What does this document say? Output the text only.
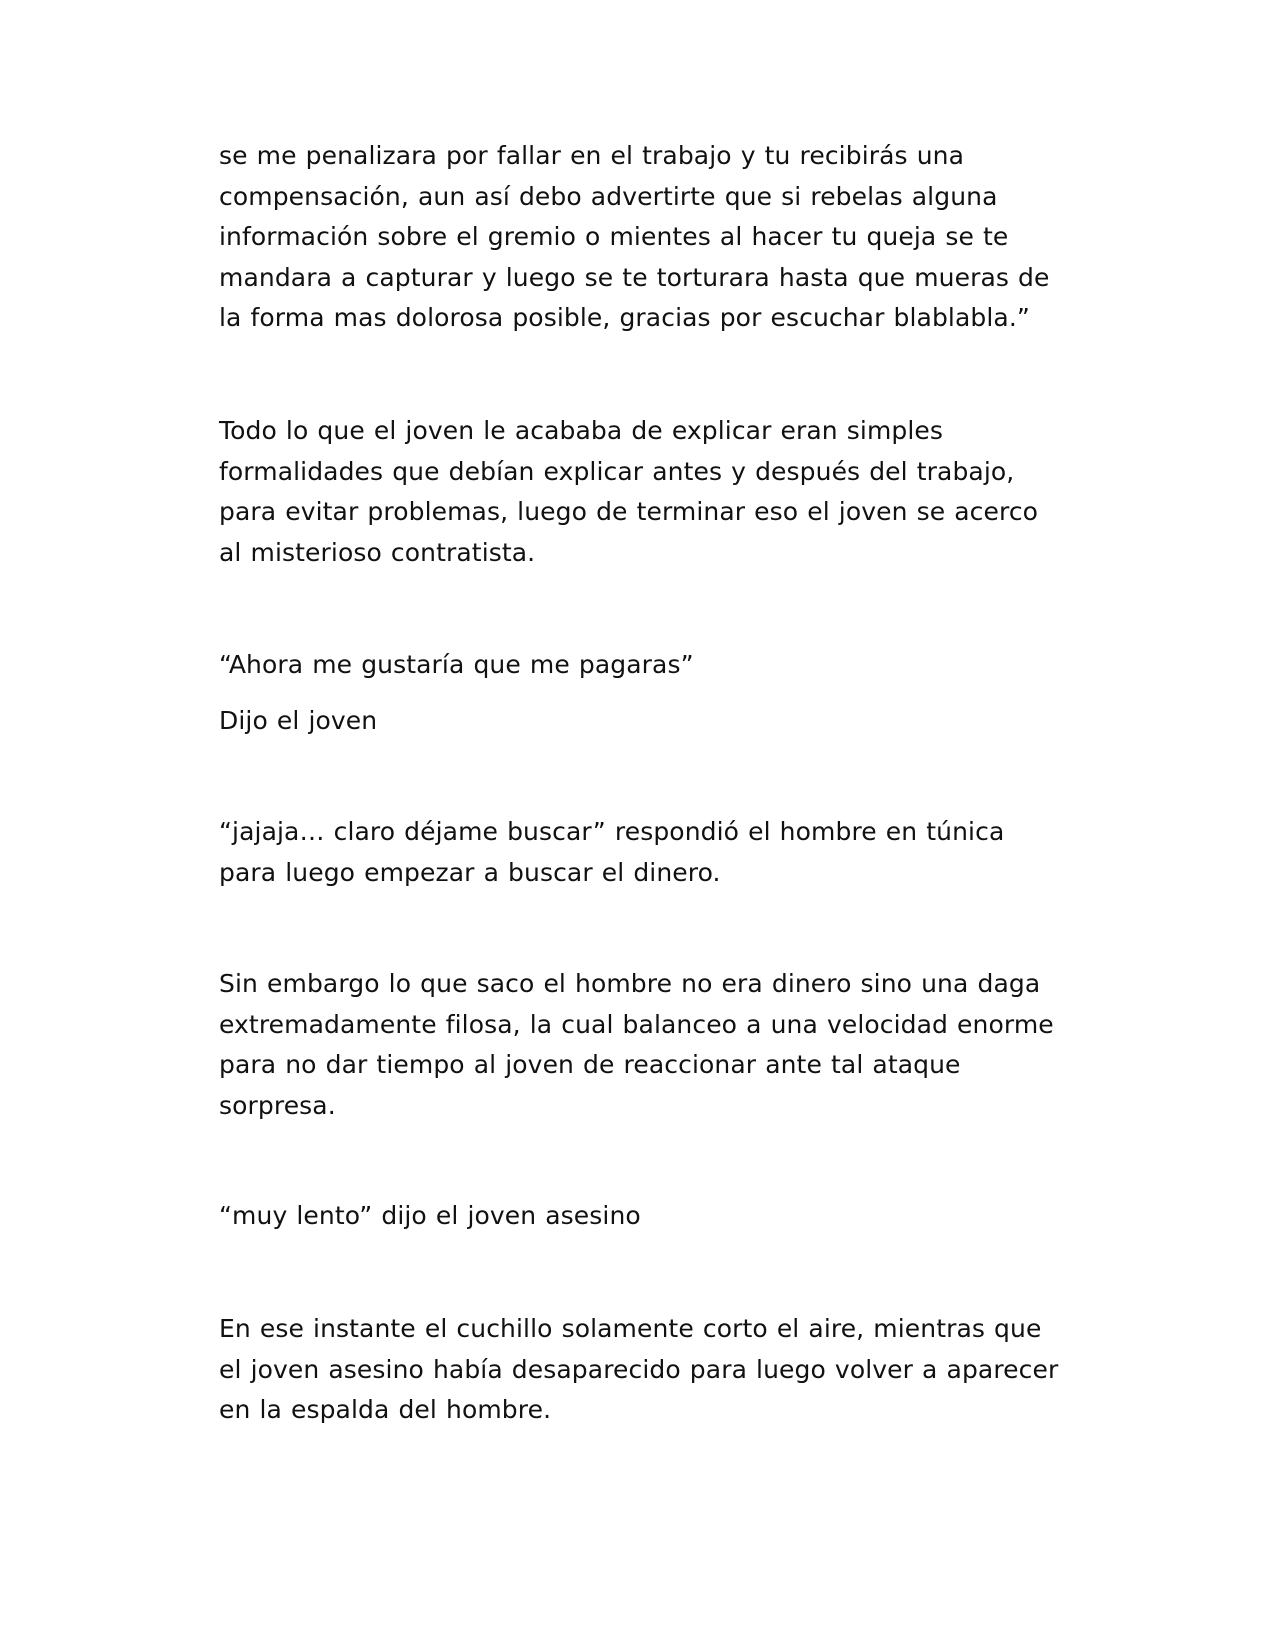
se me penalizara por fallar en el trabajo y tu recibirás una
compensación, aun así debo advertirte que si rebelas alguna
información sobre el gremio o mientes al hacer tu queja se te
mandara a capturar y luego se te torturara hasta que mueras de
la forma mas dolorosa posible, gracias por escuchar blablabla.”

Todo lo que el joven le acababa de explicar eran simples
formalidades que debían explicar antes y después del trabajo,
para evitar problemas, luego de terminar eso el joven se acerco
al misterioso contratista.

“Ahora me gustaría que me pagaras”

Dijo el joven

“jajaja… claro déjame buscar” respondió el hombre en túnica
para luego empezar a buscar el dinero.

Sin embargo lo que saco el hombre no era dinero sino una daga
extremadamente filosa, la cual balanceo a una velocidad enorme
para no dar tiempo al joven de reaccionar ante tal ataque
sorpresa.

“muy lento” dijo el joven asesino

En ese instante el cuchillo solamente corto el aire, mientras que
el joven asesino había desaparecido para luego volver a aparecer
en la espalda del hombre.
